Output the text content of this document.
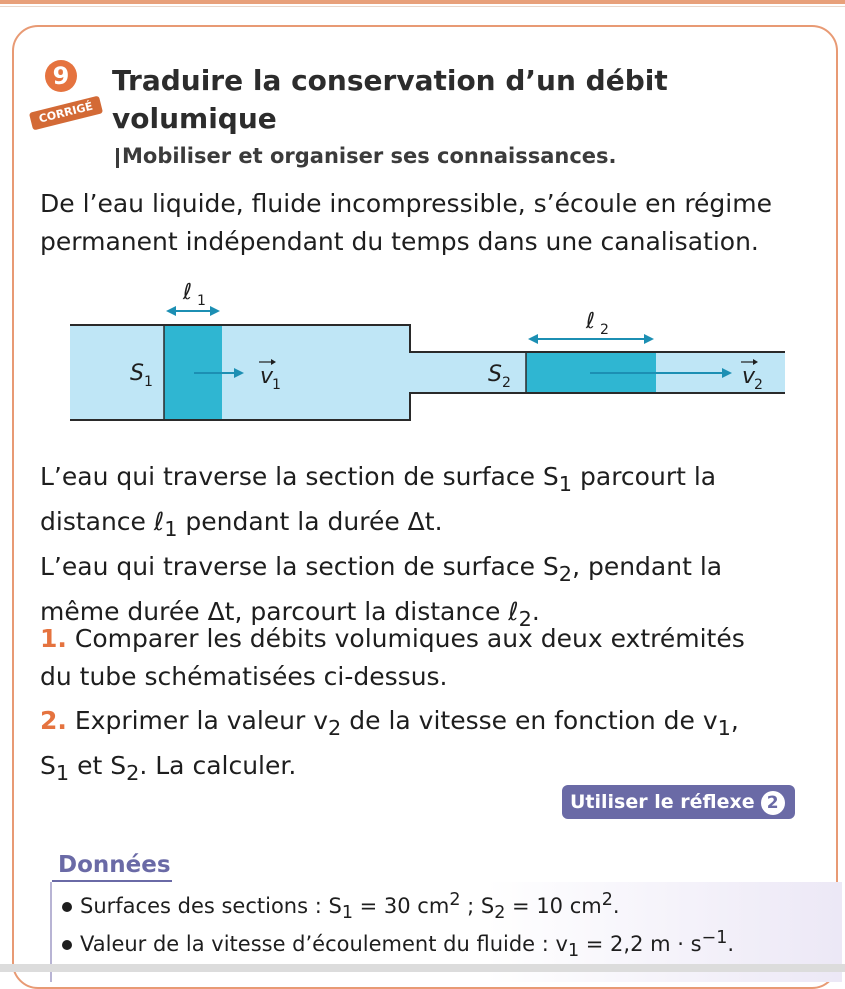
9
CORRIGÉ
Traduire la conservation d’un débit
volumique
Mobiliser et organiser ses connaissances.
De l’eau liquide, fluide incompressible, s’écoule en régime
permanent indépendant du temps dans une canalisation.
ℓ 1
ℓ 2
S 1	S 2
v
1	v
2
L’eau qui traverse la section de surface $S_1$ parcourt la
distance ℓ$_1$ pendant la durée Δt.
L’eau qui traverse la section de surface $S_2$, pendant la
même durée Δt, parcourt la distance ℓ$_2$.
1. Comparer les débits volumiques aux deux extrémités
du tube schématisées ci-dessus.
2. Exprimer la valeur $v_2$ de la vitesse en fonction de $v_1$,
$S_1$ et $S_2$. La calculer.
Utiliser le réflexe 2
Données
Surfaces des sections : $S_1 = 30$ $cm^2$ ; $S_2 = 10$ $cm^2$.
Valeur de la vitesse d’écoulement du fluide : $v_1 = 2,2$ $m \cdot s^{-1}$.
